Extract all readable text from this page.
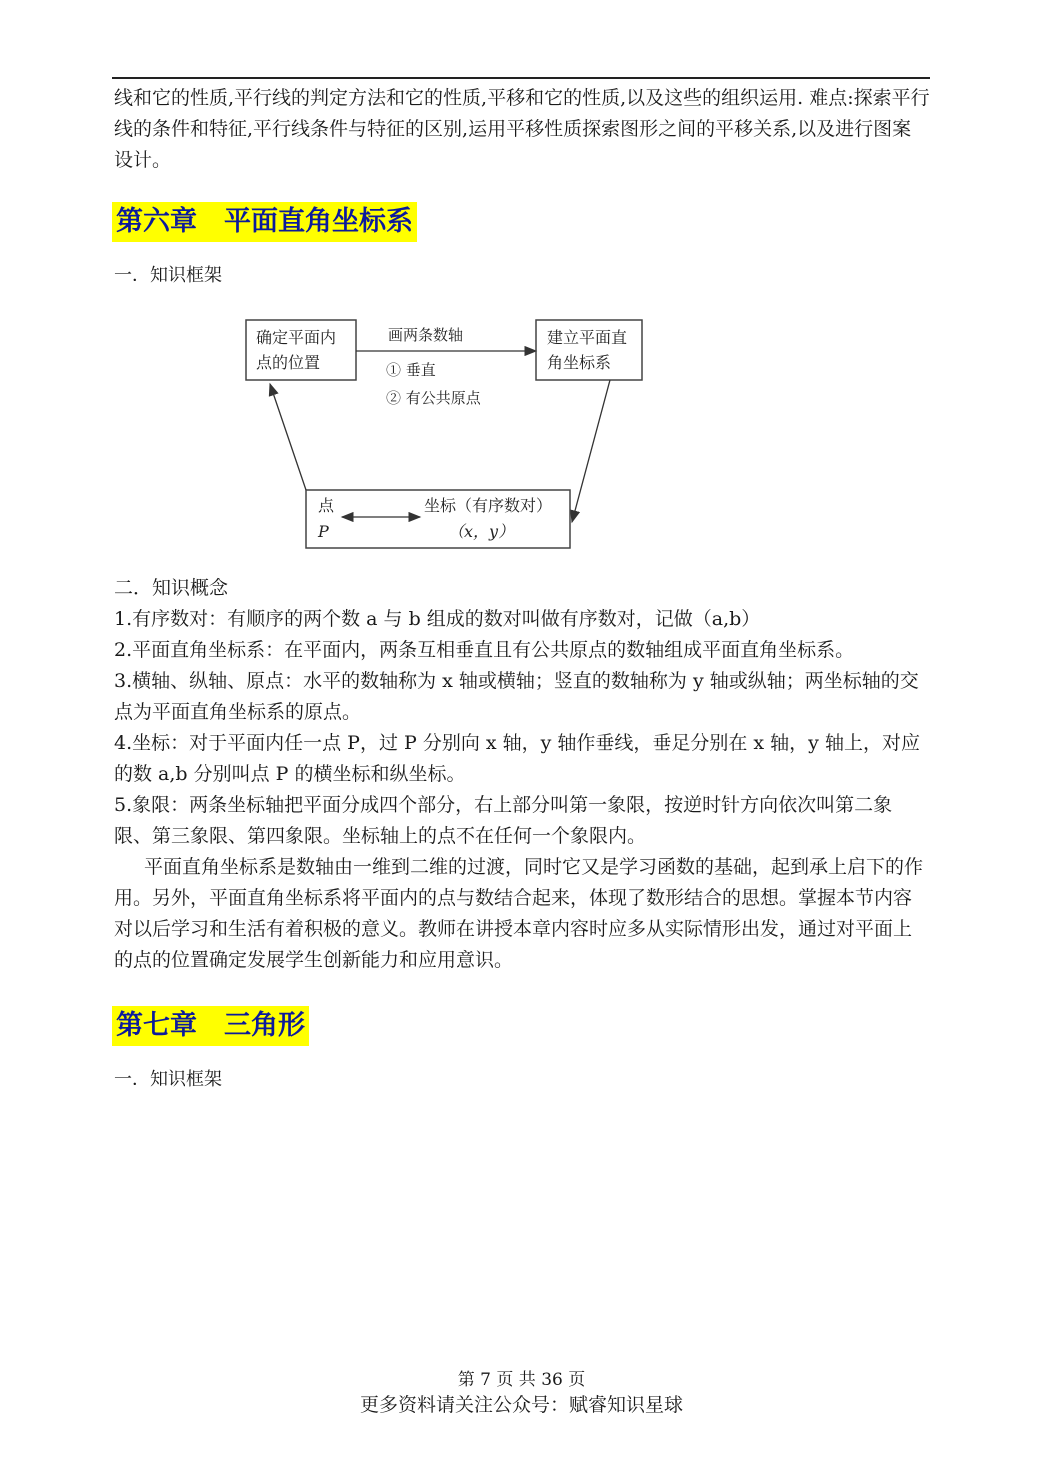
线和它的性质,平行线的判定方法和它的性质,平移和它的性质,以及这些的组织运用. 难点:探索平行线的条件和特征,平行线条件与特征的区别,运用平移性质探索图形之间的平移关系,以及进行图案设计。

第六章　平面直角坐标系
一．知识框架
确定平面内
点的位置
画两条数轴
① 垂直
② 有公共原点
建立平面直
角坐标系
点
P
坐标（有序数对）
（x，y）

二．知识概念

1.有序数对：有顺序的两个数 a 与 b 组成的数对叫做有序数对，记做（a,b）

2.平面直角坐标系：在平面内，两条互相垂直且有公共原点的数轴组成平面直角坐标系。

3.横轴、纵轴、原点：水平的数轴称为 x 轴或横轴；竖直的数轴称为 y 轴或纵轴；两坐标轴的交点为平面直角坐标系的原点。

4.坐标：对于平面内任一点 P，过 P 分别向 x 轴，y 轴作垂线，垂足分别在 x 轴，y 轴上，对应的数 a,b 分别叫点 P 的横坐标和纵坐标。

5.象限：两条坐标轴把平面分成四个部分，右上部分叫第一象限，按逆时针方向依次叫第二象限、第三象限、第四象限。坐标轴上的点不在任何一个象限内。

平面直角坐标系是数轴由一维到二维的过渡，同时它又是学习函数的基础，起到承上启下的作用。另外，平面直角坐标系将平面内的点与数结合起来，体现了数形结合的思想。掌握本节内容对以后学习和生活有着积极的意义。教师在讲授本章内容时应多从实际情形出发，通过对平面上的点的位置确定发展学生创新能力和应用意识。

第七章　三角形
一．知识框架
第 7 页 共 36 页
更多资料请关注公众号：赋睿知识星球
